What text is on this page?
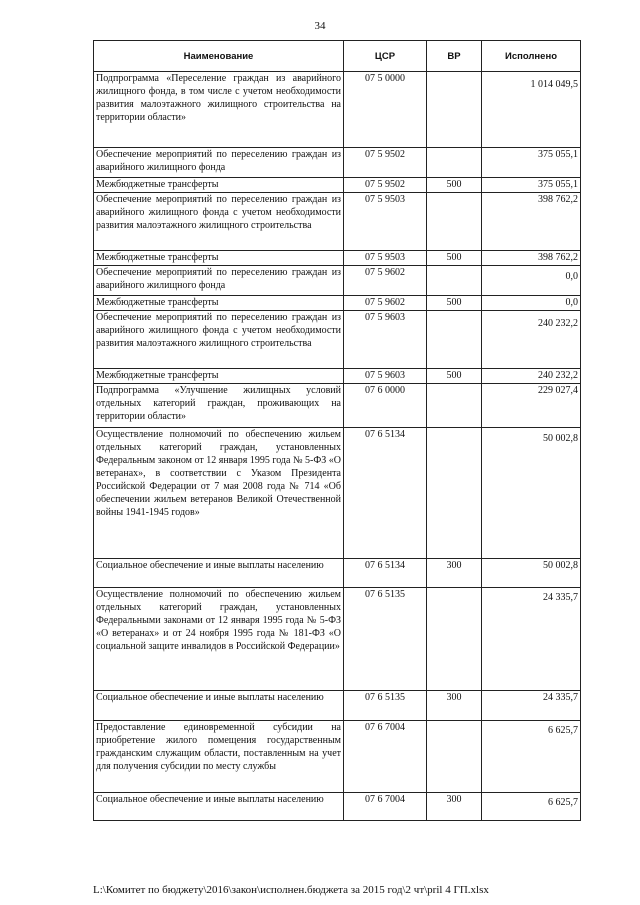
34
Наименование	ЦСР	ВР	Исполнено
Подпрограмма «Переселение граждан из аварийного жилищного фонда, в том числе с учетом необходимости развития малоэтажного жилищного строительства на территории области»	07 5 0000		1 014 049,5
Обеспечение мероприятий по переселению граждан из аварийного жилищного фонда	07 5 9502		375 055,1
Межбюджетные трансферты	07 5 9502	500	375 055,1
Обеспечение мероприятий по переселению граждан из аварийного жилищного фонда с учетом необходимости развития малоэтажного жилищного строительства	07 5 9503		398 762,2
Межбюджетные трансферты	07 5 9503	500	398 762,2
Обеспечение мероприятий по переселению граждан из аварийного жилищного фонда	07 5 9602		0,0
Межбюджетные трансферты	07 5 9602	500	0,0
Обеспечение мероприятий по переселению граждан из аварийного жилищного фонда с учетом необходимости развития малоэтажного жилищного строительства	07 5 9603		240 232,2
Межбюджетные трансферты	07 5 9603	500	240 232,2
Подпрограмма «Улучшение жилищных условий отдельных категорий граждан, проживающих на территории области»	07 6 0000		229 027,4
Осуществление полномочий по обеспечению жильем отдельных категорий граждан, установленных Федеральным законом от 12 января 1995 года № 5-ФЗ «О ветеранах», в соответствии с Указом Президента Российской Федерации от 7 мая 2008 года № 714 «Об обеспечении жильем ветеранов Великой Отечественной войны 1941-1945 годов»	07 6 5134		50 002,8
Социальное обеспечение и иные выплаты населению	07 6 5134	300	50 002,8
Осуществление полномочий по обеспечению жильем отдельных категорий граждан, установленных Федеральными законами от 12 января 1995 года № 5-ФЗ «О ветеранах» и от 24 ноября 1995 года № 181-ФЗ «О социальной защите инвалидов в Российской Федерации»	07 6 5135		24 335,7
Социальное обеспечение и иные выплаты населению	07 6 5135	300	24 335,7
Предоставление единовременной субсидии на приобретение жилого помещения государственным гражданским служащим области, поставленным на учет для получения субсидии по месту службы	07 6 7004		6 625,7
Социальное обеспечение и иные выплаты населению	07 6 7004	300	6 625,7
L:\Комитет по бюджету\2016\закон\исполнен.бюджета за 2015 год\2 чт\pril 4 ГП.xlsx
